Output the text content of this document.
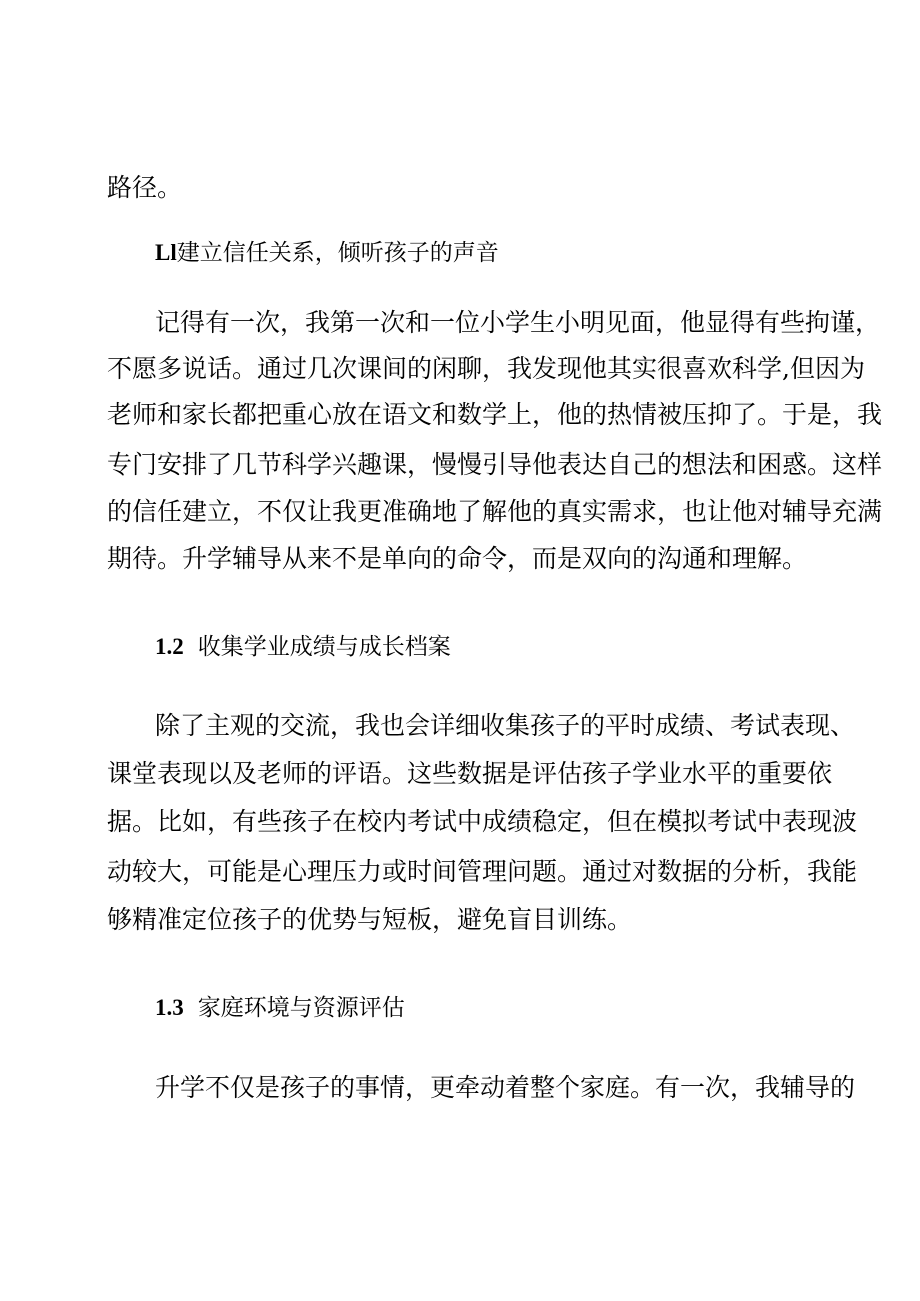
路径。
Ll建立信任关系，倾听孩子的声音
记得有一次，我第一次和一位小学生小明见面，他显得有些拘谨，
不愿多说话。通过几次课间的闲聊，我发现他其实很喜欢科学,但因为
老师和家长都把重心放在语文和数学上，他的热情被压抑了。于是，我
专门安排了几节科学兴趣课，慢慢引导他表达自己的想法和困惑。这样
的信任建立，不仅让我更准确地了解他的真实需求，也让他对辅导充满
期待。升学辅导从来不是单向的命令，而是双向的沟通和理解。
1.2 收集学业成绩与成长档案
除了主观的交流，我也会详细收集孩子的平时成绩、考试表现、
课堂表现以及老师的评语。这些数据是评估孩子学业水平的重要依
据。比如，有些孩子在校内考试中成绩稳定，但在模拟考试中表现波
动较大，可能是心理压力或时间管理问题。通过对数据的分析，我能
够精准定位孩子的优势与短板，避免盲目训练。
1.3 家庭环境与资源评估
升学不仅是孩子的事情，更牵动着整个家庭。有一次，我辅导的
